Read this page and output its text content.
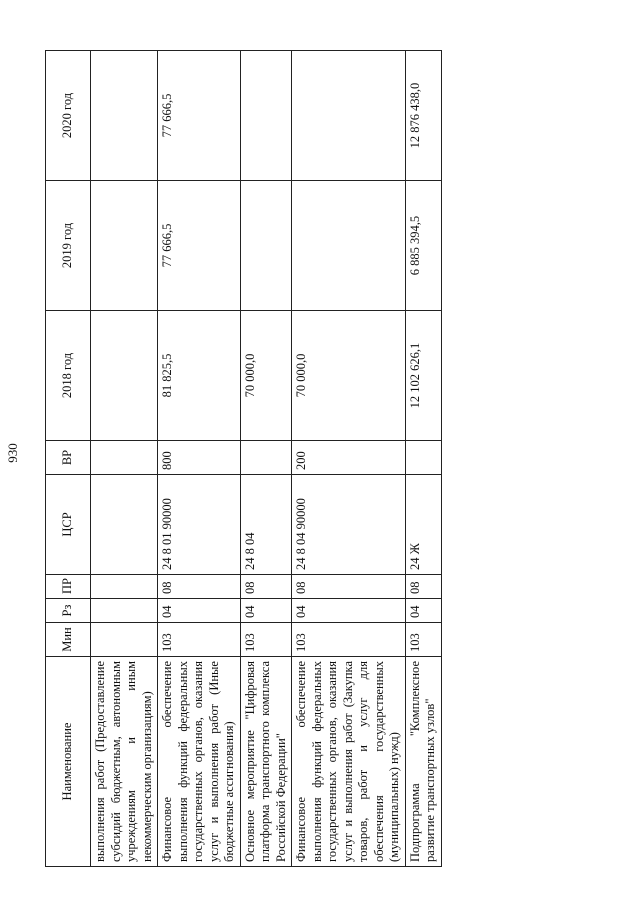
930
Наименование	Мин	Рз	ПР	ЦСР	ВР	2018 год	2019 год	2020 год
выполнения работ (Предоставление субсидий бюджетным, автономным учреждениям и иным некоммерческим организациям)								
Финансовое обеспечение выполнения функций федеральных государственных органов, оказания услуг и выполнения работ (Иные бюджетные ассигнования)	103	04	08	24 8 01 90000	800	81 825,5	77 666,5	77 666,5
Основное мероприятие "Цифровая платформа транспортного комплекса Российской Федерации"	103	04	08	24 8 04		70 000,0		
Финансовое обеспечение выполнения функций федеральных государственных органов, оказания услуг и выполнения работ (Закупка товаров, работ и услуг для обеспечения государственных (муниципальных) нужд)	103	04	08	24 8 04 90000	200	70 000,0		
Подпрограмма "Комплексное развитие транспортных узлов"	103	04	08	24 Ж		12 102 626,1	6 885 394,5	12 876 438,0
